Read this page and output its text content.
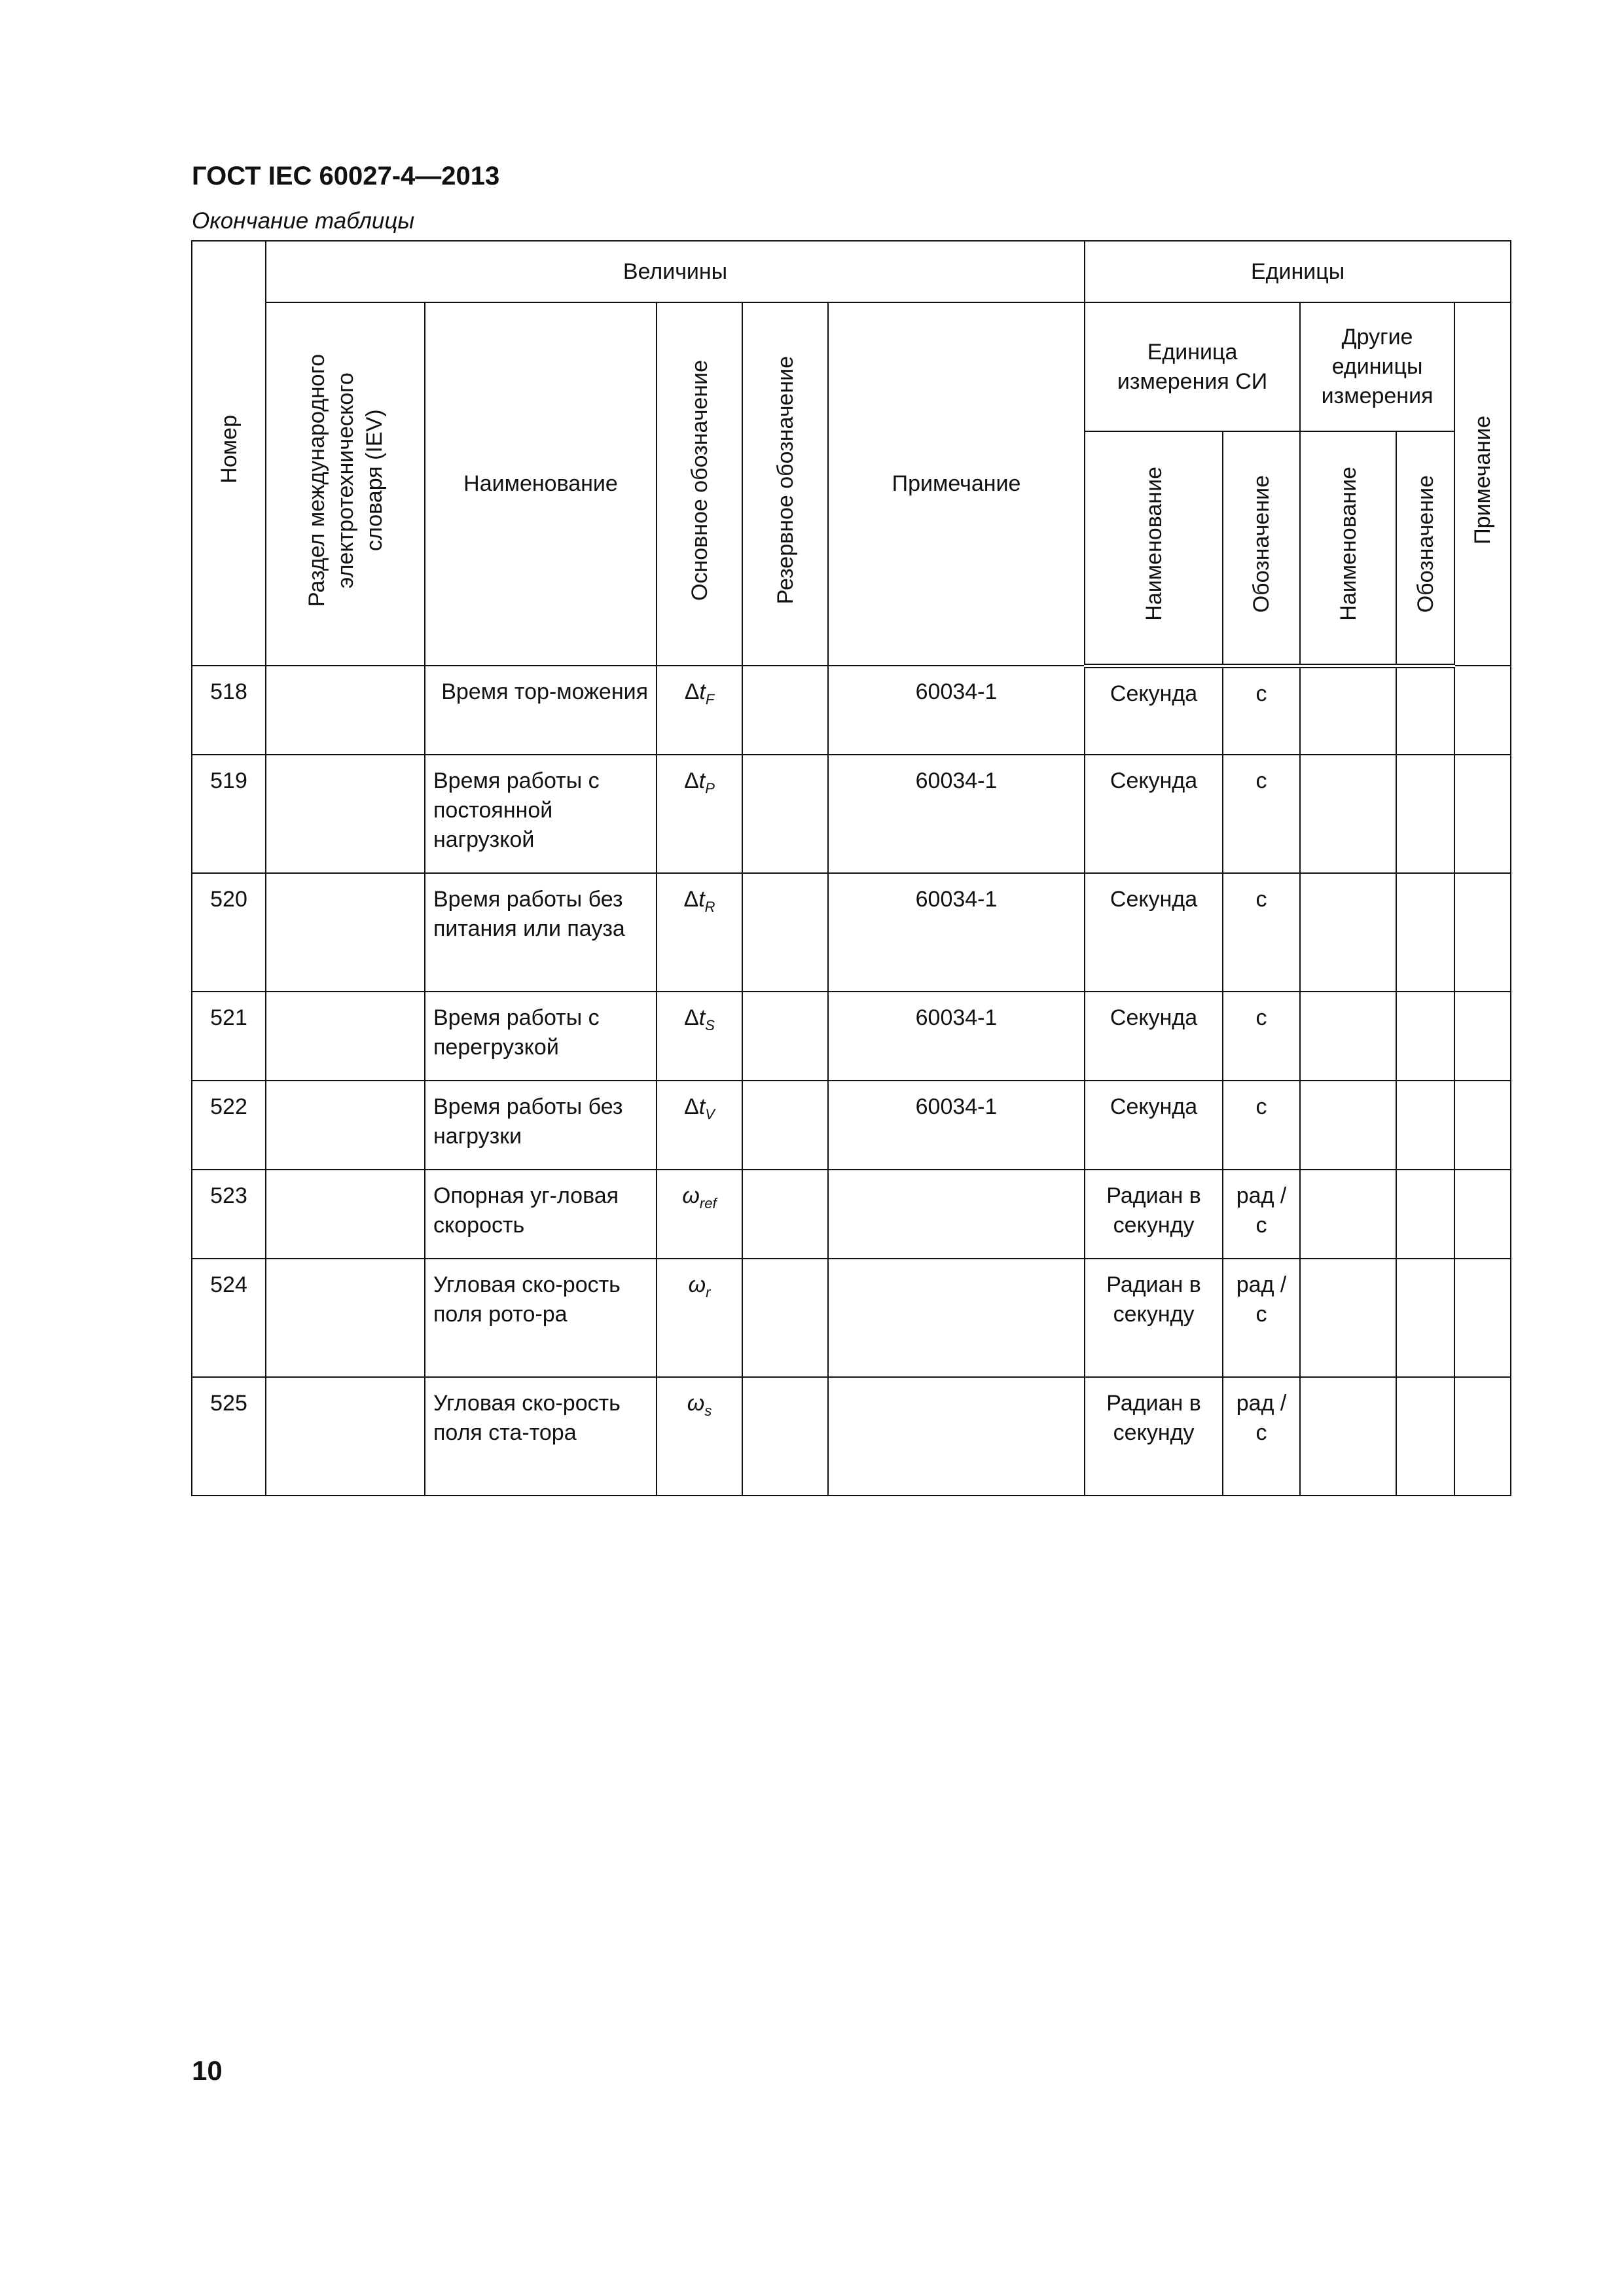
ГОСТ IEC 60027-4—2013
Окончание таблицы
Номер	Величины					Единицы				
	Раздел международного электротехнического словаря (IEV)	Наименование	Основное обозначение	Резервное обозначение	Примечание	Единица измерения СИ		Другие единицы измерения		Примечание
						Наименование	Обозначение	Наименование	Обозначение	
518		Время тор-можения	$\Delta t_F$		60034-1	Секунда	с			
519		Время работы с постоянной нагрузкой	$\Delta t_P$		60034-1	Секунда	с			
520		Время работы без питания или пауза	$\Delta t_R$		60034-1	Секунда	с			
521		Время работы с перегрузкой	$\Delta t_S$		60034-1	Секунда	с			
522		Время работы без нагрузки	$\Delta t_V$		60034-1	Секунда	с			
523		Опорная уг-ловая скорость	$\omega_{ref}$			Радиан в секунду	рад /с			
524		Угловая ско-рость поля рото-ра	$\omega_r$			Радиан в секунду	рад /с			
525		Угловая ско-рость поля ста-тора	$\omega_s$			Радиан в секунду	рад /с			
10
